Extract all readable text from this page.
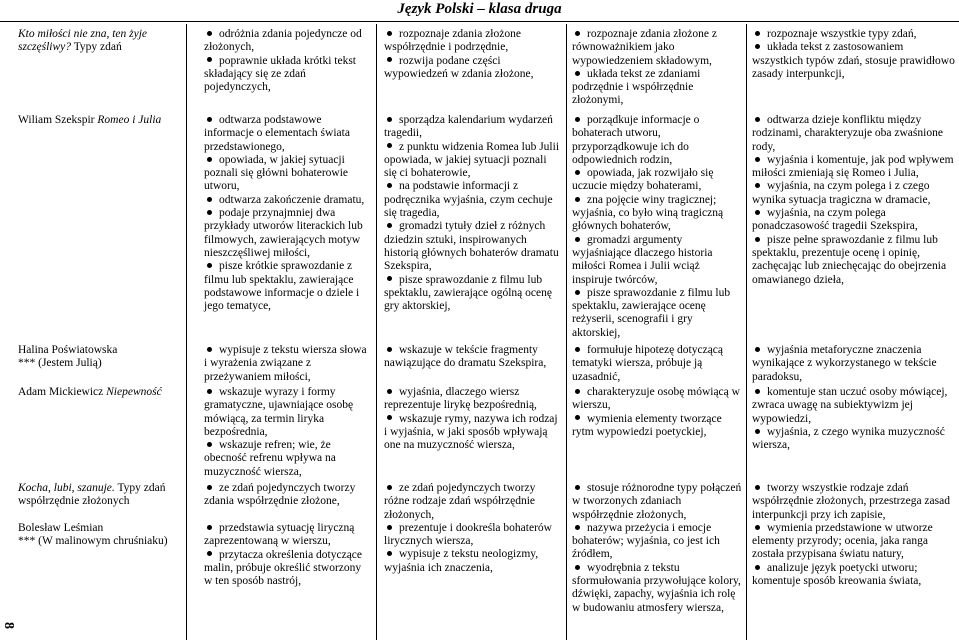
Język Polski – klasa druga
8
Kto miłości nie zna, ten żyje szczęśliwy? Typy zdań
Wiliam Szekspir Romeo i Julia
Halina Poświatowska
*** (Jestem Julią)
Adam Mickiewicz Niepewność
Kocha, lubi, szanuje. Typy zdań współrzędnie złożonych
Bolesław Leśmian
*** (W malinowym chruśniaku)
odróżnia zdania pojedyncze od złożonych,
poprawnie układa krótki tekst składający się ze zdań pojedynczych,
odtwarza podstawowe informacje o elementach świata przedstawionego,
opowiada, w jakiej sytuacji poznali się główni bohaterowie utworu,
odtwarza zakończenie dramatu,
podaje przynajmniej dwa przykłady utworów literackich lub filmowych, zawierających motyw nieszczęśliwej miłości,
pisze krótkie sprawozdanie z filmu lub spektaklu, zawierające podstawowe informacje o dziele i jego tematyce,
wypisuje z tekstu wiersza słowa i wyrażenia związane z przeżywaniem miłości,
wskazuje wyrazy i formy gramatyczne, ujawniające osobę mówiącą, za termin liryka bezpośrednia,
wskazuje refren; wie, że obecność refrenu wpływa na muzyczność wiersza,
ze zdań pojedynczych tworzy zdania współrzędnie złożone,
przedstawia sytuację liryczną zaprezentowaną w wierszu,
przytacza określenia dotyczące malin, próbuje określić stworzony w ten sposób nastrój,
rozpoznaje zdania złożone współrzędnie i podrzędnie,
rozwija podane części wypowiedzeń w zdania złożone,
sporządza kalendarium wydarzeń tragedii,
z punktu widzenia Romea lub Julii opowiada, w jakiej sytuacji poznali się ci bohaterowie,
na podstawie informacji z podręcznika wyjaśnia, czym cechuje się tragedia,
gromadzi tytuły dzieł z różnych dziedzin sztuki, inspirowanych historią głównych bohaterów dramatu Szekspira,
pisze sprawozdanie z filmu lub spektaklu, zawierające ogólną ocenę gry aktorskiej,
wskazuje w tekście fragmenty nawiązujące do dramatu Szekspira,
wyjaśnia, dlaczego wiersz reprezentuje lirykę bezpośrednią,
wskazuje rymy, nazywa ich rodzaj i wyjaśnia, w jaki sposób wpływają one na muzyczność wiersza,
ze zdań pojedynczych tworzy różne rodzaje zdań współrzędnie złożonych,
prezentuje i dookreśla bohaterów lirycznych wiersza,
wypisuje z tekstu neologizmy, wyjaśnia ich znaczenia,
rozpoznaje zdania złożone z równoważnikiem jako wypowiedzeniem składowym,
układa tekst ze zdaniami podrzędnie i współrzędnie złożonymi,
porządkuje informacje o bohaterach utworu, przyporządkowuje ich do odpowiednich rodzin,
opowiada, jak rozwijało się uczucie między bohaterami,
zna pojęcie winy tragicznej; wyjaśnia, co było winą tragiczną głównych bohaterów,
gromadzi argumenty wyjaśniające dlaczego historia miłości Romea i Julii wciąż inspiruje twórców,
pisze sprawozdanie z filmu lub spektaklu, zawierające ocenę reżyserii, scenografii i gry aktorskiej,
formułuje hipotezę dotyczącą tematyki wiersza, próbuje ją uzasadnić,
charakteryzuje osobę mówiącą w wierszu,
wymienia elementy tworzące rytm wypowiedzi poetyckiej,
stosuje różnorodne typy połączeń w tworzonych zdaniach współrzędnie złożonych,
nazywa przeżycia i emocje bohaterów; wyjaśnia, co jest ich źródłem,
wyodrębnia z tekstu sformułowania przywołujące kolory, dźwięki, zapachy, wyjaśnia ich rolę w budowaniu atmosfery wiersza,
rozpoznaje wszystkie typy zdań,
układa tekst z zastosowaniem wszystkich typów zdań, stosuje prawidłowo zasady interpunkcji,
odtwarza dzieje konfliktu między rodzinami, charakteryzuje oba zwaśnione rody,
wyjaśnia i komentuje, jak pod wpływem miłości zmieniają się Romeo i Julia,
wyjaśnia, na czym polega i z czego wynika sytuacja tragiczna w dramacie,
wyjaśnia, na czym polega ponadczasowość tragedii Szekspira,
pisze pełne sprawozdanie z filmu lub spektaklu, prezentuje ocenę i opinię, zachęcając lub zniechęcając do obejrzenia omawianego dzieła,
wyjaśnia metaforyczne znaczenia wynikające z wykorzystanego w tekście paradoksu,
komentuje stan uczuć osoby mówiącej, zwraca uwagę na subiektywizm jej wypowiedzi,
wyjaśnia, z czego wynika muzyczność wiersza,
tworzy wszystkie rodzaje zdań współrzędnie złożonych, przestrzega zasad interpunkcji przy ich zapisie,
wymienia przedstawione w utworze elementy przyrody; ocenia, jaka ranga została przypisana światu natury,
analizuje język poetycki utworu; komentuje sposób kreowania świata,
